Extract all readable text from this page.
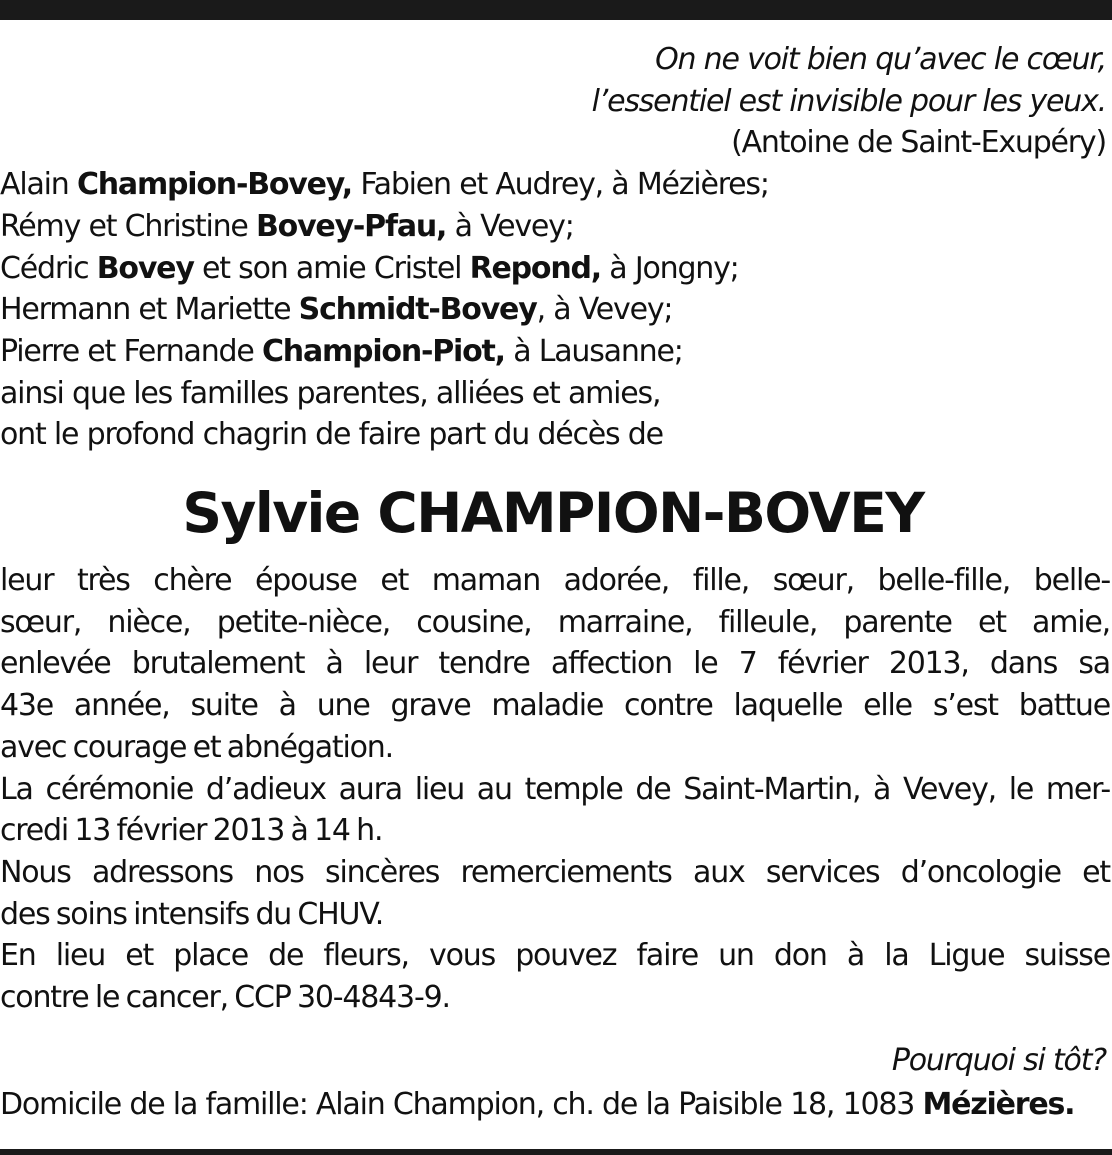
On ne voit bien qu’avec le cœur,
l’essentiel est invisible pour les yeux.
(Antoine de Saint-Exupéry)
Alain Champion-Bovey, Fabien et Audrey, à Mézières;
Rémy et Christine Bovey-Pfau, à Vevey;
Cédric Bovey et son amie Cristel Repond, à Jongny;
Hermann et Mariette Schmidt-Bovey, à Vevey;
Pierre et Fernande Champion-Piot, à Lausanne;
ainsi que les familles parentes, alliées et amies,
ont le profond chagrin de faire part du décès de
Sylvie CHAMPION-BOVEY
leur très chère épouse et maman adorée, fille, sœur, belle-fille, belle-
sœur, nièce, petite-nièce, cousine, marraine, filleule, parente et amie,
enlevée brutalement à leur tendre affection le 7 février 2013, dans sa
43e année, suite à une grave maladie contre laquelle elle s’est battue
avec courage et abnégation.
La cérémonie d’adieux aura lieu au temple de Saint-Martin, à Vevey, le mer-
credi 13 février 2013 à 14 h.
Nous adressons nos sincères remerciements aux services d’oncologie et
des soins intensifs du CHUV.
En lieu et place de fleurs, vous pouvez faire un don à la Ligue suisse
contre le cancer, CCP 30-4843-9.
Pourquoi si tôt?
Domicile de la famille: Alain Champion, ch. de la Paisible 18, 1083 Mézières.
